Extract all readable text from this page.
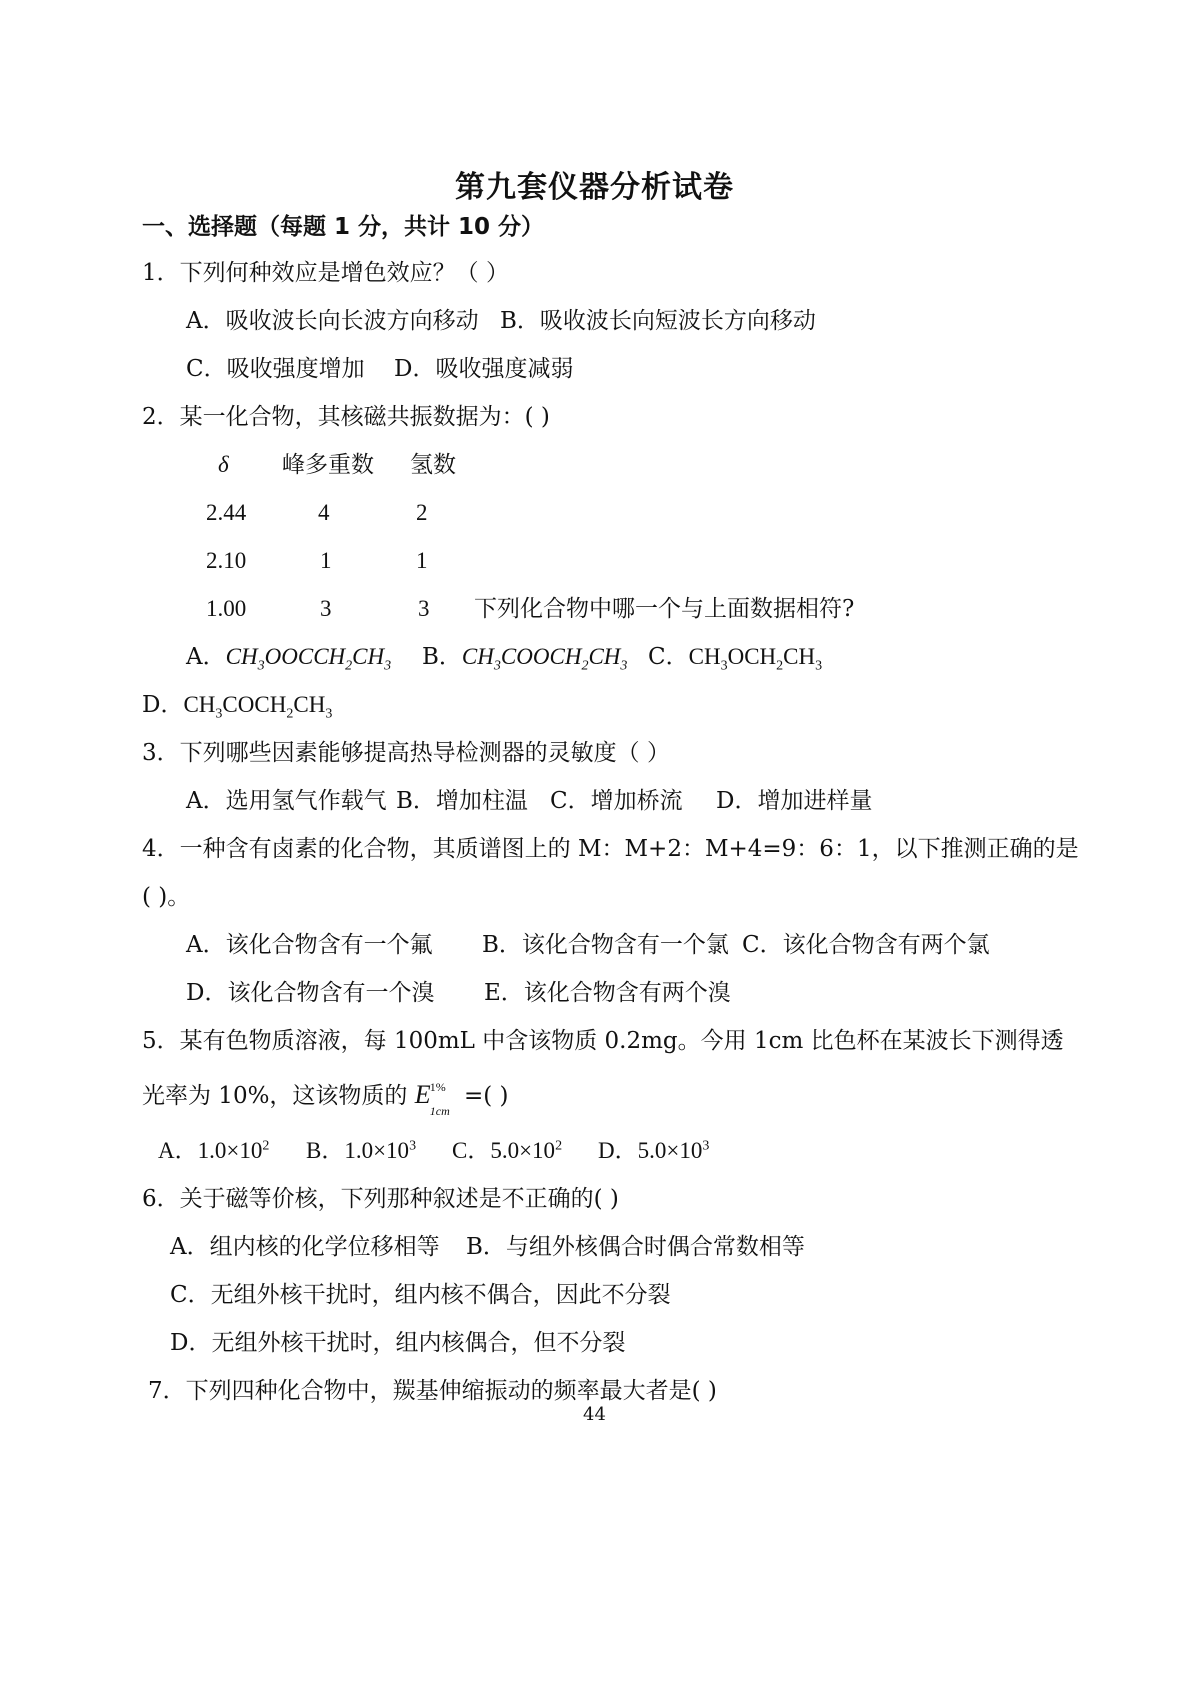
第九套仪器分析试卷
一、选择题（每题 1 分，共计 10 分）
1．下列何种效应是增色效应？（ ）
A．吸收波长向长波方向移动 B．吸收波长向短波长方向移动
C．吸收强度增加 D．吸收强度减弱
2．某一化合物，其核磁共振数据为：( )
δ 峰多重数 氢数
2.44	4	2
2.10	1	1
1.00	3	3 下列化合物中哪一个与上面数据相符?
A．$CH_3OOCCH_2CH_3$ B．$CH_3COOCH_2CH_3$ C．$CH_3OCH_2CH_3$
D．$CH_3COCH_2CH_3$
3．下列哪些因素能够提高热导检测器的灵敏度（ ）
A．选用氢气作载气 B．增加柱温 C．增加桥流 D．增加进样量
4．一种含有卤素的化合物，其质谱图上的 M：M+2：M+4=9：6：1，以下推测正确的是
( )。
A．该化合物含有一个氟 B．该化合物含有一个氯 C．该化合物含有两个氯
D．该化合物含有一个溴 E．该化合物含有两个溴
5．某有色物质溶液，每 100mL 中含该物质 0.2mg。今用 1cm 比色杯在某波长下测得透
光率为 10%，这该物质的 E 1%
1cm
=( )
A．$1.0\times 10^2$ B．$1.0\times 10^3$ C．$5.0\times 10^2$ D．$5.0\times 10^3$
6．关于磁等价核，下列那种叙述是不正确的( )
A．组内核的化学位移相等 B．与组外核偶合时偶合常数相等
C．无组外核干扰时，组内核不偶合，因此不分裂
D．无组外核干扰时，组内核偶合，但不分裂
7．下列四种化合物中，羰基伸缩振动的频率最大者是( )
44
